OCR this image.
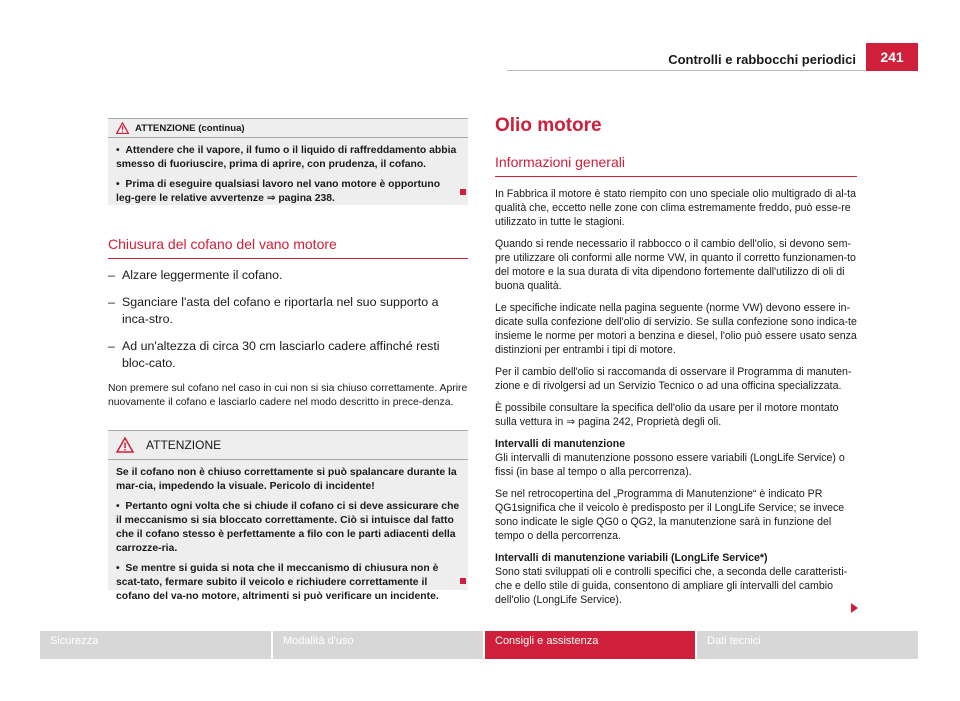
Controlli e rabbocchi periodici	241
ATTENZIONE (continua)

•  Attendere che il vapore, il fumo o il liquido di raffreddamento abbia smesso di fuoriuscire, prima di aprire, con prudenza, il cofano.

•  Prima di eseguire qualsiasi lavoro nel vano motore è opportuno leg-gere le relative avvertenze ⇒ pagina 238.

Chiusura del cofano del vano motore
– Alzare leggermente il cofano.
– Sganciare l'asta del cofano e riportarla nel suo supporto a inca-stro.
– Ad un'altezza di circa 30 cm lasciarlo cadere affinché resti bloc-cato.

Non premere sul cofano nel caso in cui non si sia chiuso correttamente. Aprire nuovamente il cofano e lasciarlo cadere nel modo descritto in prece-denza.

ATTENZIONE

Se il cofano non è chiuso correttamente si può spalancare durante la mar-cia, impedendo la visuale. Pericolo di incidente!

•  Pertanto ogni volta che si chiude il cofano ci si deve assicurare che il meccanismo si sia bloccato correttamente. Ciò si intuisce dal fatto che il cofano stesso è perfettamente a filo con le parti adiacenti della carrozze-ria.

•  Se mentre si guida si nota che il meccanismo di chiusura non è scat-tato, fermare subito il veicolo e richiudere correttamente il cofano del va-no motore, altrimenti si può verificare un incidente.

Olio motore
Informazioni generali

In Fabbrica il motore è stato riempito con uno speciale olio multigrado di al-ta qualità che, eccetto nelle zone con clima estremamente freddo, può esse-re utilizzato in tutte le stagioni.

Quando si rende necessario il rabbocco o il cambio dell'olio, si devono sem-pre utilizzare oli conformi alle norme VW, in quanto il corretto funzionamen-to del motore e la sua durata di vita dipendono fortemente dall'utilizzo di oli di buona qualità.

Le specifiche indicate nella pagina seguente (norme VW) devono essere in-dicate sulla confezione dell'olio di servizio. Se sulla confezione sono indica-te insieme le norme per motori a benzina e diesel, l'olio può essere usato senza distinzioni per entrambi i tipi di motore.

Per il cambio dell'olio si raccomanda di osservare il Programma di manuten-zione e di rivolgersi ad un Servizio Tecnico o ad una officina specializzata.

È possibile consultare la specifica dell'olio da usare per il motore montato sulla vettura in ⇒ pagina 242, Proprietà degli oli.

Intervalli di manutenzione

Gli intervalli di manutenzione possono essere variabili (LongLife Service) o fissi (in base al tempo o alla percorrenza).

Se nel retrocopertina del „Programma di Manutenzione“ è indicato PR QG1significa che il veicolo è predisposto per il LongLife Service; se invece sono indicate le sigle QG0 o QG2, la manutenzione sarà in funzione del tempo o della percorrenza.

Intervalli di manutenzione variabili (LongLife Service*)

Sono stati sviluppati oli e controlli specifici che, a seconda delle caratteristi-che e dello stile di guida, consentono di ampliare gli intervalli del cambio dell'olio (LongLife Service).

Sicurezza	Modalità d'uso	Consigli e assistenza	Dati tecnici
